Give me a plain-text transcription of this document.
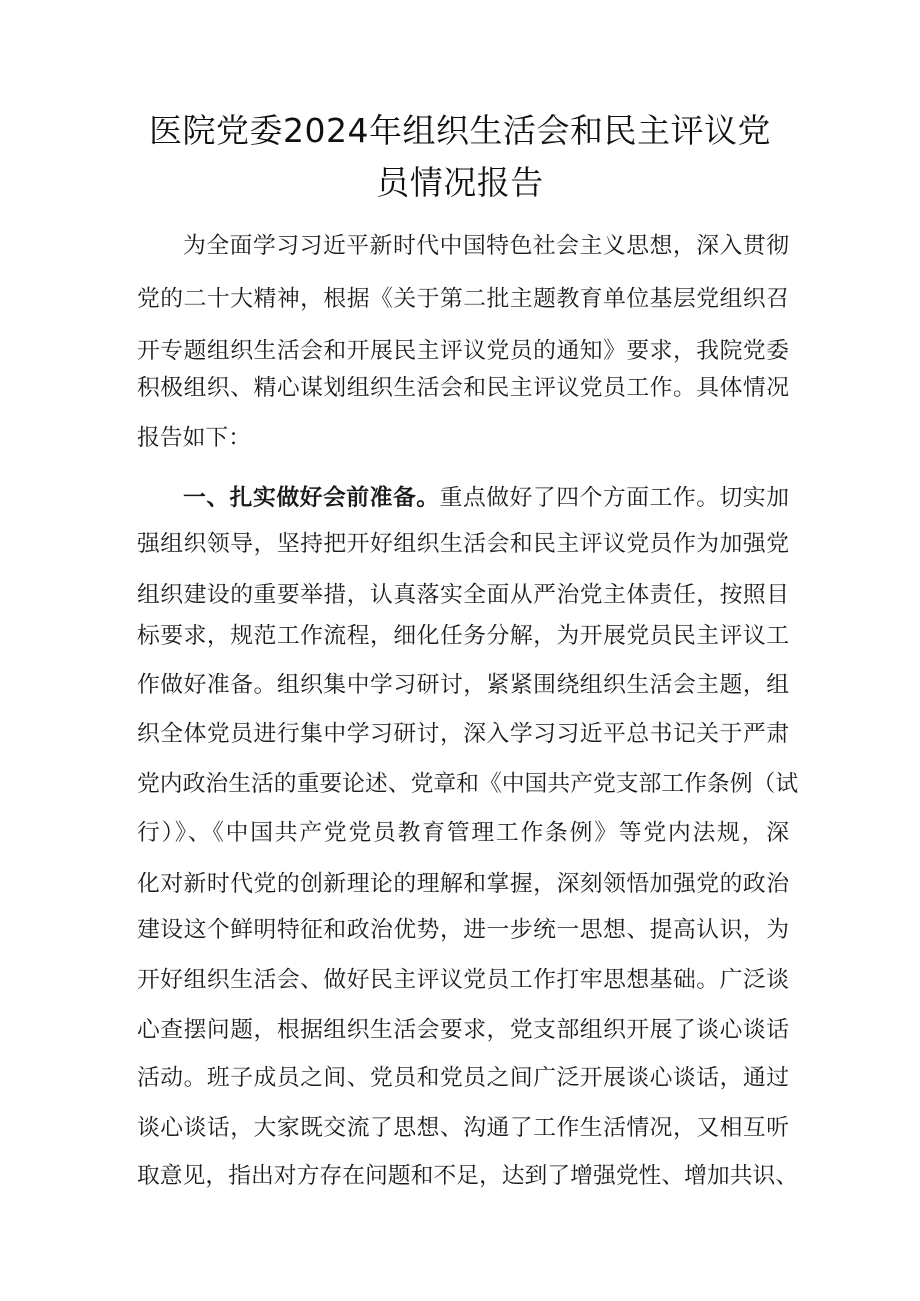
医院党委2024年组织生活会和民主评议党
员情况报告
为全面学习习近平新时代中国特色社会主义思想，深入贯彻
党的二十大精神，根据《关于第二批主题教育单位基层党组织召
开专题组织生活会和开展民主评议党员的通知》要求，我院党委
积极组织、精心谋划组织生活会和民主评议党员工作。具体情况
报告如下：
一、扎实做好会前准备。重点做好了四个方面工作。切实加
强组织领导，坚持把开好组织生活会和民主评议党员作为加强党
组织建设的重要举措，认真落实全面从严治党主体责任，按照目
标要求，规范工作流程，细化任务分解，为开展党员民主评议工
作做好准备。组织集中学习研讨，紧紧围绕组织生活会主题，组
织全体党员进行集中学习研讨，深入学习习近平总书记关于严肃
党内政治生活的重要论述、党章和《中国共产党支部工作条例（试
行）》、《中国共产党党员教育管理工作条例》等党内法规，深
化对新时代党的创新理论的理解和掌握，深刻领悟加强党的政治
建设这个鲜明特征和政治优势，进一步统一思想、提高认识，为
开好组织生活会、做好民主评议党员工作打牢思想基础。广泛谈
心查摆问题，根据组织生活会要求，党支部组织开展了谈心谈话
活动。班子成员之间、党员和党员之间广泛开展谈心谈话，通过
谈心谈话，大家既交流了思想、沟通了工作生活情况，又相互听
取意见，指出对方存在问题和不足，达到了增强党性、增加共识、
